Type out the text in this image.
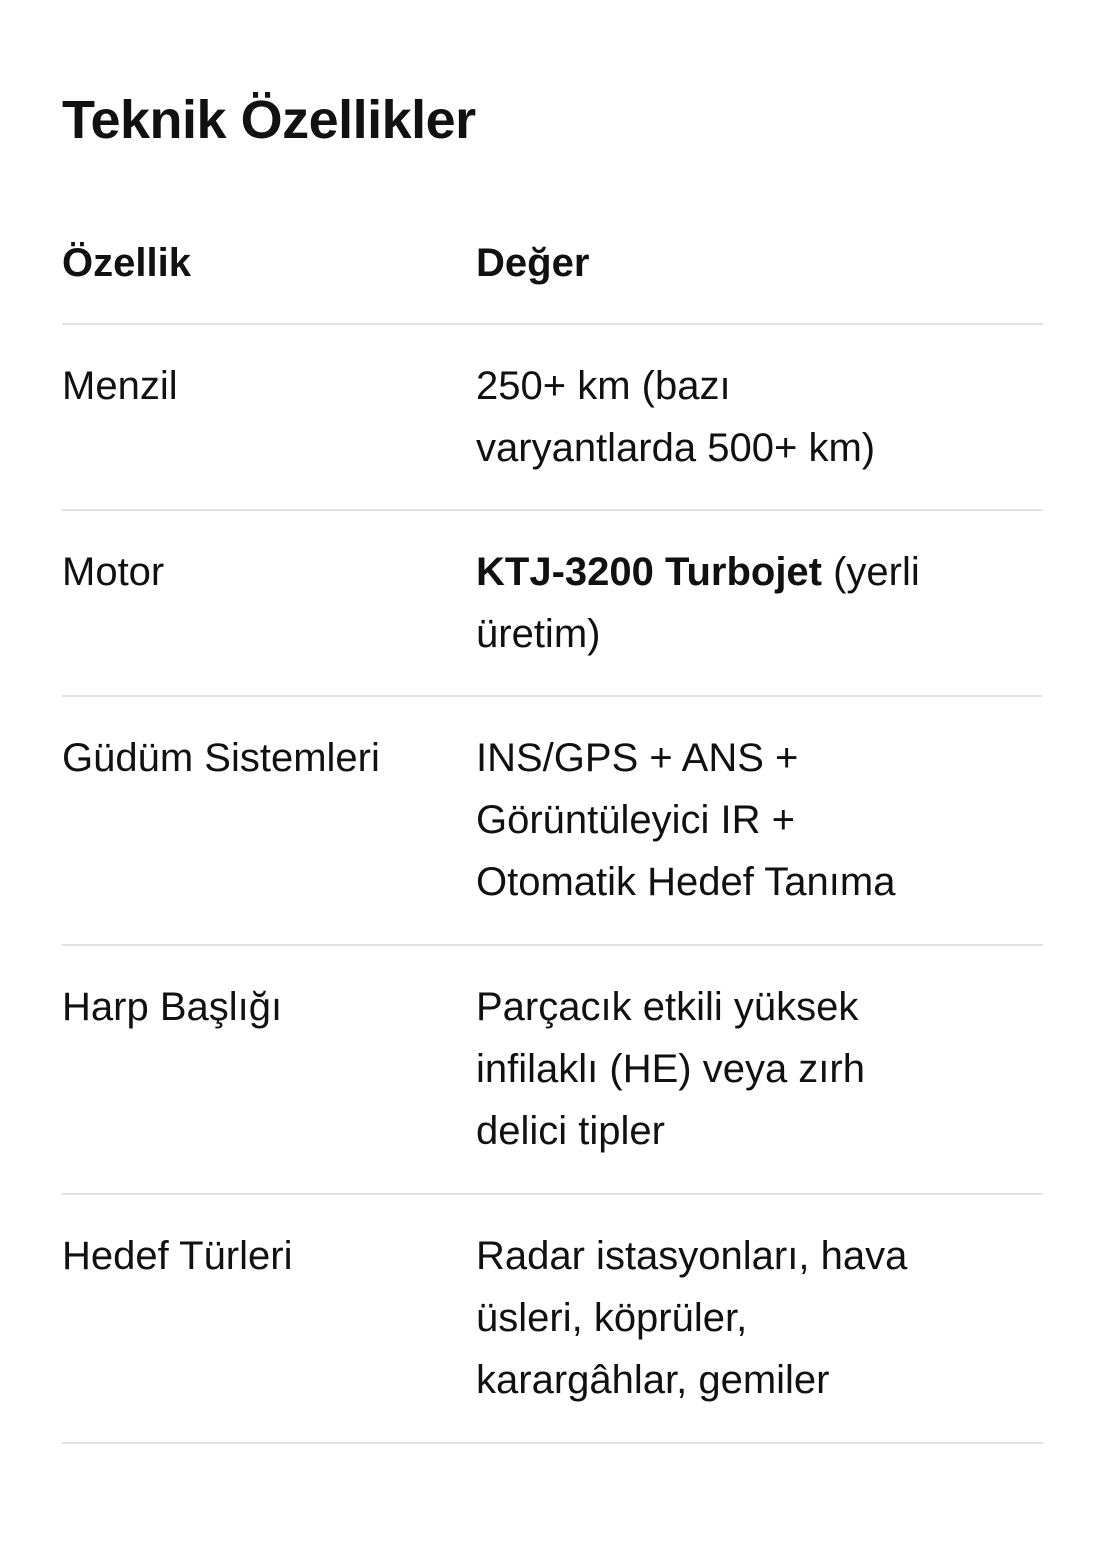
Teknik Özellikler
Özellik	Değer
Menzil	250+ km (bazı
varyantlarda 500+ km)
Motor	KTJ-3200 Turbojet (yerli
üretim)
Güdüm Sistemleri	INS/GPS + ANS +
Görüntüleyici IR +
Otomatik Hedef Tanıma
Harp Başlığı	Parçacık etkili yüksek
infilaklı (HE) veya zırh
delici tipler
Hedef Türleri	Radar istasyonları, hava
üsleri, köprüler,
karargâhlar, gemiler
